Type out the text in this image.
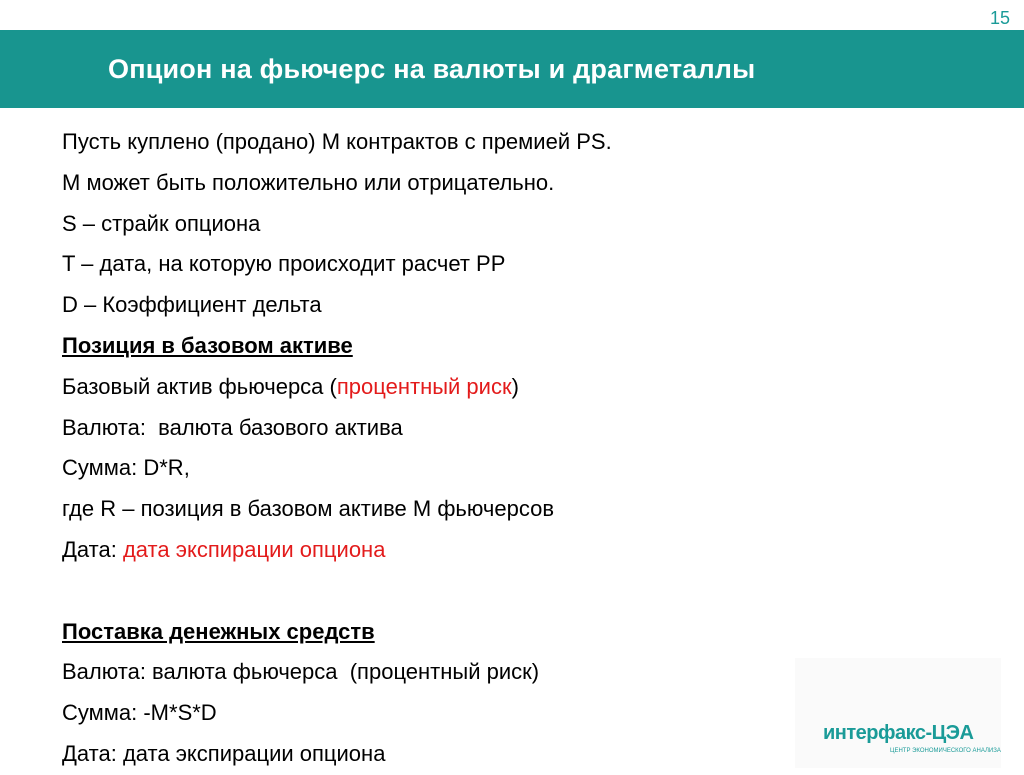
15
Опцион на фьючерс на валюты и драгметаллы
Пусть куплено (продано) М контрактов с премией PS.
М может быть положительно или отрицательно.
S – страйк опциона
T – дата, на которую происходит расчет PP
D – Коэффициент дельта
Позиция в базовом активе
Базовый актив фьючерса (процентный риск)
Валюта:  валюта базового актива
Сумма: D*R,
где R – позиция в базовом активе М фьючерсов
Дата: дата экспирации опциона
Поставка денежных средств
Валюта: валюта фьючерса  (процентный риск)
Сумма: -M*S*D
Дата: дата экспирации опциона
интерфакс-ЦЭА
ЦЕНТР ЭКОНОМИЧЕСКОГО АНАЛИЗА
